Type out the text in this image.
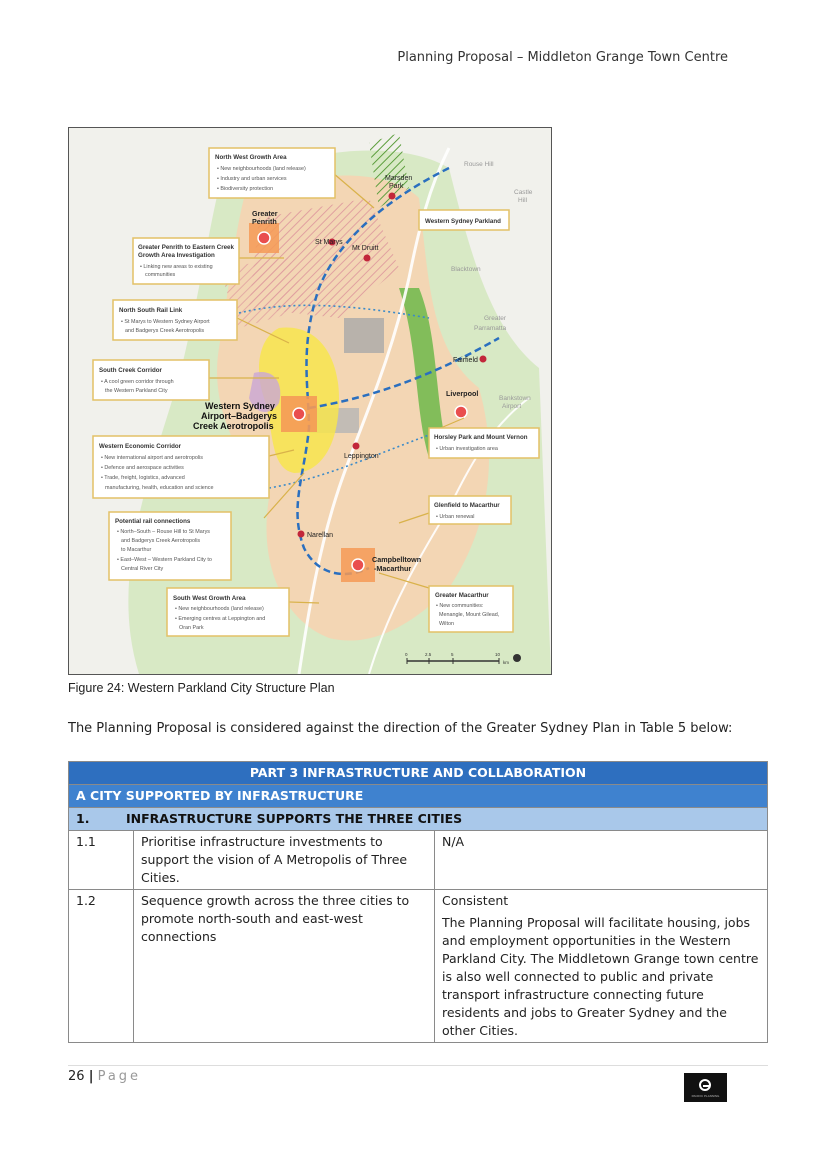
Planning Proposal – Middleton Grange Town Centre
North West Growth Area
• New neighbourhoods (land release)
• Industry and urban services
• Biodiversity protection
Western Sydney Parkland
Greater Penrith to Eastern Creek
Growth Area Investigation
• Linking new areas to existing
communities
North South Rail Link
• St Marys to Western Sydney Airport
and Badgerys Creek Aerotropolis
South Creek Corridor
• A cool green corridor through
the Western Parkland City
Western Economic Corridor
• New international airport and aerotropolis
• Defence and aerospace activities
• Trade, freight, logistics, advanced
manufacturing, health, education and science
Horsley Park and Mount Vernon
• Urban investigation area
Glenfield to Macarthur
• Urban renewal
Potential rail connections
• North–South – Rouse Hill to St Marys
and Badgerys Creek Aerotropolis
to Macarthur
• East–West – Western Parkland City to
Central River City
South West Growth Area
• New neighbourhoods (land release)
• Emerging centres at Leppington and
Oran Park
Greater Macarthur
• New communities:
Menangle, Mount Gilead,
Wilton
Marsden
Park
Greater
Penrith
St Marys
Mt Druitt
Rouse Hill
Castle
Hill
Blacktown
Greater
Parramatta
Fairfield
Liverpool
Bankstown
Airport
Western Sydney
Airport–Badgerys
Creek Aerotropolis
Leppington
Narellan
Campbelltown
-Macarthur
0	2.5	5	10
km
Figure 24: Western Parkland City Structure Plan
The Planning Proposal is considered against the direction of the Greater Sydney Plan in Table 5 below:
PART 3 INFRASTRUCTURE AND COLLABORATION		
A CITY SUPPORTED BY INFRASTRUCTURE		
1. INFRASTRUCTURE SUPPORTS THE THREE CITIES		
1.1	Prioritise infrastructure investments to support the vision of A Metropolis of Three Cities.	N/A

1.2	Sequence growth across the three cities to promote north-south and east-west connections	Consistent
The Planning Proposal will facilitate housing, jobs and employment opportunities in the Western Parkland City. The Middletown Grange town centre is also well connected to public and private transport infrastructure connecting future residents and jobs to Greater Sydney and the other Cities.
26 | Page
PACIFIC PLANNING
